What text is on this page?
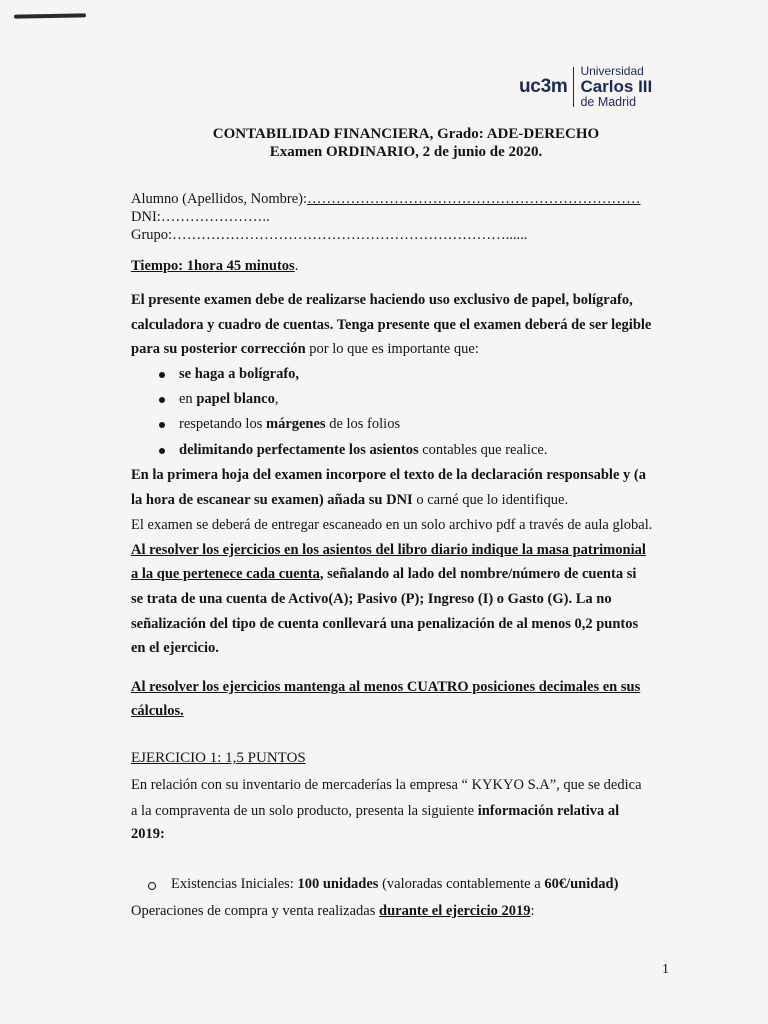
uc3m
Universidad
Carlos III
de Madrid
CONTABILIDAD FINANCIERA, Grado: ADE-DERECHO
Examen ORDINARIO, 2 de junio de 2020.
Alumno (Apellidos, Nombre):……………………………………………………………
DNI:…………………..
Grupo:……………………………………………………………......
Tiempo: 1hora 45 minutos.
El presente examen debe de realizarse haciendo uso exclusivo de papel, bolígrafo,
calculadora y cuadro de cuentas. Tenga presente que el examen deberá de ser legible
para su posterior corrección por lo que es importante que:
se haga a bolígrafo,
en papel blanco,
respetando los márgenes de los folios
delimitando perfectamente los asientos contables que realice.
En la primera hoja del examen incorpore el texto de la declaración responsable y (a
la hora de escanear su examen) añada su DNI o carné que lo identifique.
El examen se deberá de entregar escaneado en un solo archivo pdf a través de aula global.
Al resolver los ejercicios en los asientos del libro diario indique la masa patrimonial
a la que pertenece cada cuenta, señalando al lado del nombre/número de cuenta si
se trata de una cuenta de Activo(A); Pasivo (P); Ingreso (I) o Gasto (G). La no
señalización del tipo de cuenta conllevará una penalización de al menos 0,2 puntos
en el ejercicio.
Al resolver los ejercicios mantenga al menos CUATRO posiciones decimales en sus
cálculos.
EJERCICIO 1: 1,5 PUNTOS
En relación con su inventario de mercaderías la empresa “ KYKYO S.A”, que se dedica
a la compraventa de un solo producto, presenta la siguiente información relativa al
2019:
Existencias Iniciales: 100 unidades (valoradas contablemente a 60€/unidad)
Operaciones de compra y venta realizadas durante el ejercicio 2019:
1
